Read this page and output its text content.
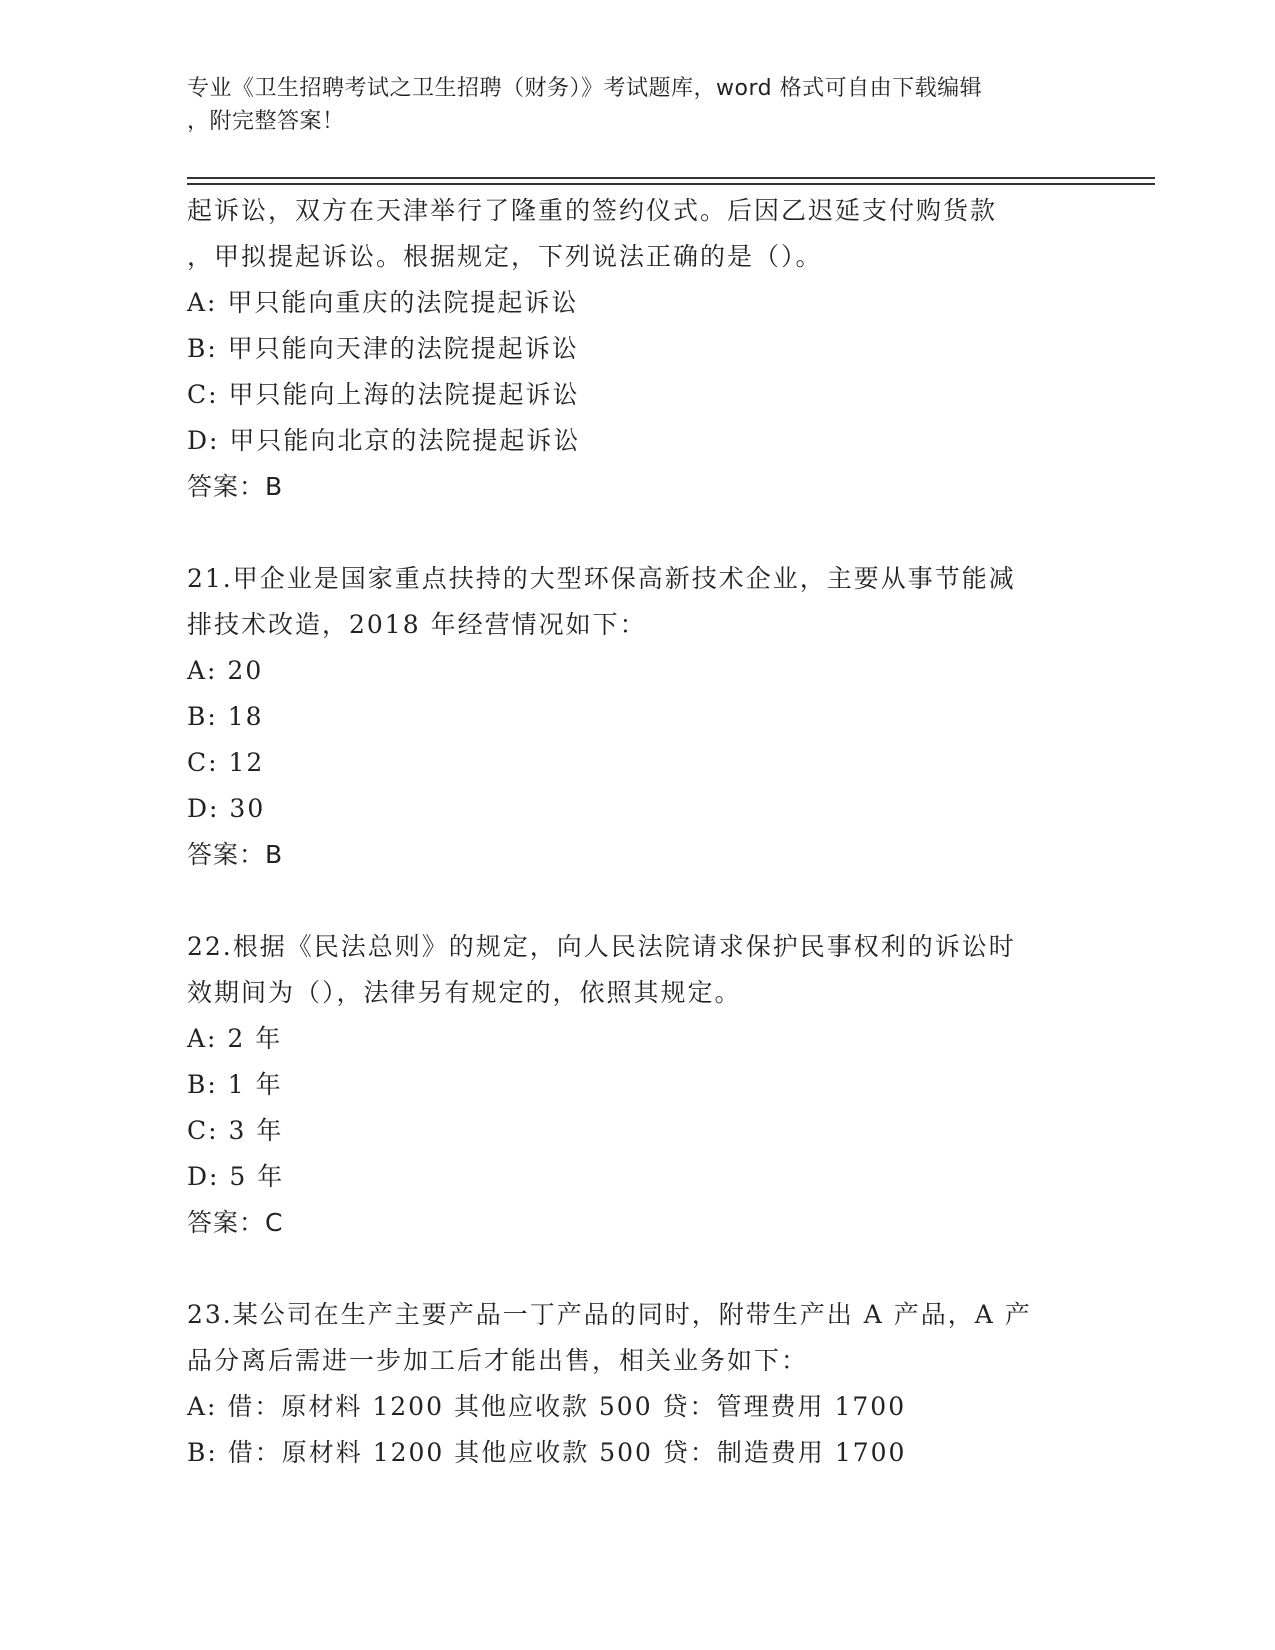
专业《卫生招聘考试之卫生招聘（财务）》考试题库，word 格式可自由下载编辑
，附完整答案！
起诉讼，双方在天津举行了隆重的签约仪式。后因乙迟延支付购货款
，甲拟提起诉讼。根据规定，下列说法正确的是（）。
A: 甲只能向重庆的法院提起诉讼
B: 甲只能向天津的法院提起诉讼
C: 甲只能向上海的法院提起诉讼
D: 甲只能向北京的法院提起诉讼
答案：B
21.甲企业是国家重点扶持的大型环保高新技术企业，主要从事节能减
排技术改造，2018 年经营情况如下：
A: 20
B: 18
C: 12
D: 30
答案：B
22.根据《民法总则》的规定，向人民法院请求保护民事权利的诉讼时
效期间为（），法律另有规定的，依照其规定。
A: 2 年
B: 1 年
C: 3 年
D: 5 年
答案：C
23.某公司在生产主要产品一丁产品的同时，附带生产出 A 产品，A 产
品分离后需进一步加工后才能出售，相关业务如下：
A: 借：原材料 1200 其他应收款 500 贷：管理费用 1700
B: 借：原材料 1200 其他应收款 500 贷：制造费用 1700
